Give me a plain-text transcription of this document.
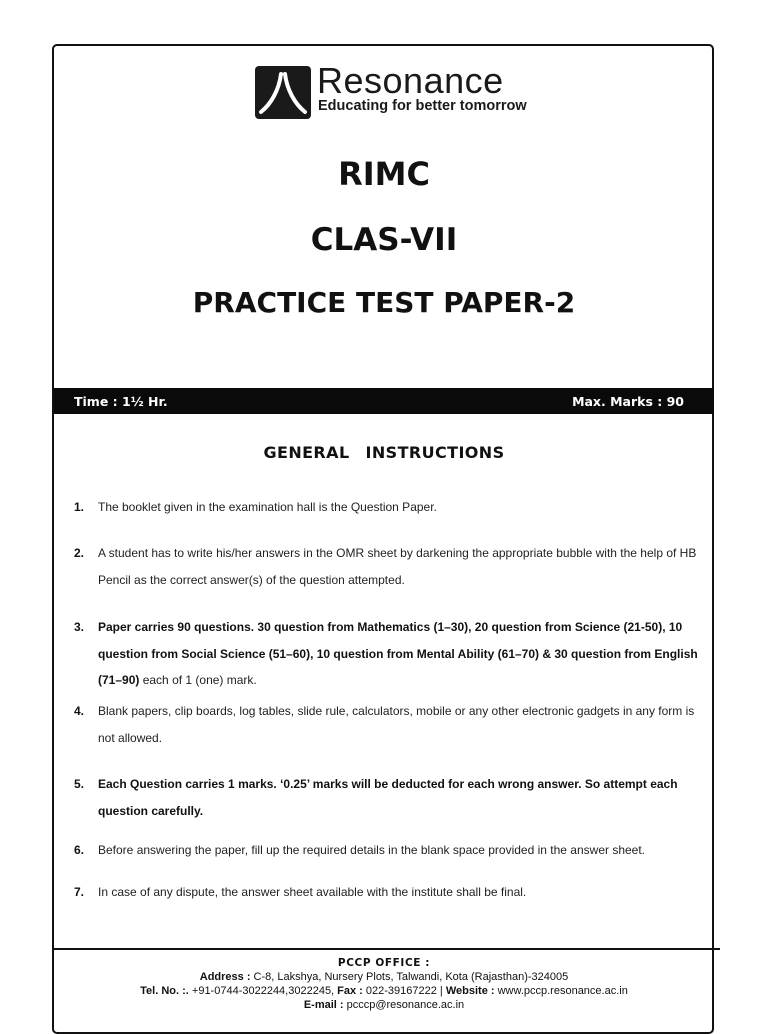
Resonance
Educating for better tomorrow
RIMC
CLAS-VII
PRACTICE TEST PAPER-2
Time : 1½ Hr.	Max. Marks : 90
GENERAL INSTRUCTIONS
1. The booklet given in the examination hall is the Question Paper.
2. A student has to write his/her answers in the OMR sheet by darkening the appropriate bubble with the help of HB Pencil as the correct answer(s) of the question attempted.
3. Paper carries 90 questions. 30 question from Mathematics (1–30), 20 question from Science (21-50), 10 question from Social Science (51–60), 10 question from Mental Ability (61–70) & 30 question from English (71–90) each of 1 (one) mark.
4. Blank papers, clip boards, log tables, slide rule, calculators, mobile or any other electronic gadgets in any form is not allowed.
5. Each Question carries 1 marks. ‘0.25’ marks will be deducted for each wrong answer. So attempt each question carefully.
6. Before answering the paper, fill up the required details in the blank space provided in the answer sheet.
7. In case of any dispute, the answer sheet available with the institute shall be final.
PCCP OFFICE :
Address : C-8, Lakshya, Nursery Plots, Talwandi, Kota (Rajasthan)-324005
Tel. No. :. +91-0744-3022244,3022245, Fax : 022-39167222 | Website : www.pccp.resonance.ac.in
E-mail : pcccp@resonance.ac.in
